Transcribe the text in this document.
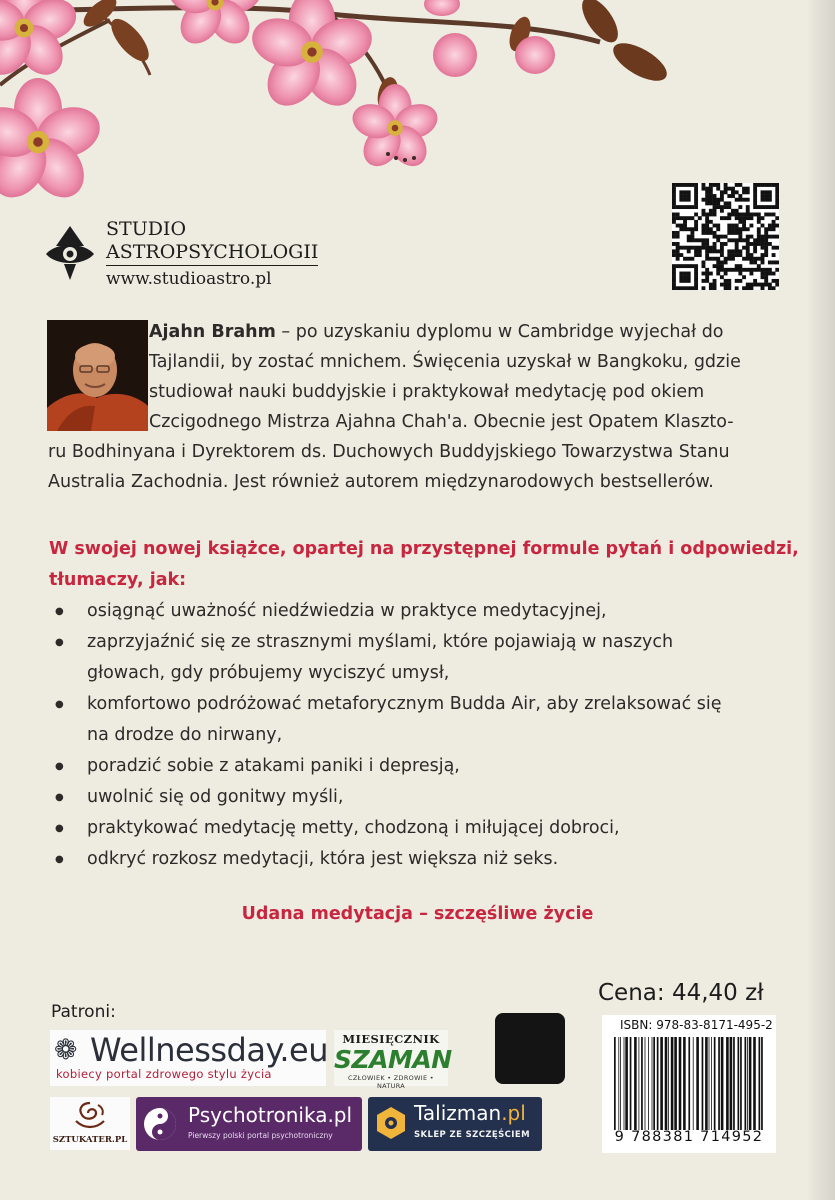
STUDIO
ASTROPSYCHOLOGII
www.studioastro.pl
Ajahn Brahm – po uzyskaniu dyplomu w Cambridge wyjechał do
Tajlandii, by zostać mnichem. Święcenia uzyskał w Bangkoku, gdzie
studiował nauki buddyjskie i praktykował medytację pod okiem
Czcigodnego Mistrza Ajahna Chah'a. Obecnie jest Opatem Klaszto-
ru Bodhinyana i Dyrektorem ds. Duchowych Buddyjskiego Towarzystwa Stanu
Australia Zachodnia. Jest również autorem międzynarodowych bestsellerów.
W swojej nowej książce, opartej na przystępnej formule pytań i odpowiedzi,
tłumaczy, jak:
● osiągnąć uważność niedźwiedzia w praktyce medytacyjnej,
● zaprzyjaźnić się ze strasznymi myślami, które pojawiają w naszych
głowach, gdy próbujemy wyciszyć umysł,
● komfortowo podróżować metaforycznym Budda Air, aby zrelaksować się
na drodze do nirwany,
● poradzić sobie z atakami paniki i depresją,
● uwolnić się od gonitwy myśli,
● praktykować medytację metty, chodzoną i miłującej dobroci,
● odkryć rozkosz medytacji, która jest większa niż seks.
Udana medytacja – szczęśliwe życie
Patroni:
❁ Wellnessday.eu
kobiecy portal zdrowego stylu życia
MIESIĘCZNIK
SZAMAN
CZŁOWIEK • ZDROWIE • NATURA
SZTUKATER.PL
Psychotronika.pl
Pierwszy polski portal psychotroniczny
Talizman.pl
SKLEP ZE SZCZĘŚCIEM
Cena: 44,40 zł
ISBN: 978-83-8171-495-2
9 788381 714952
